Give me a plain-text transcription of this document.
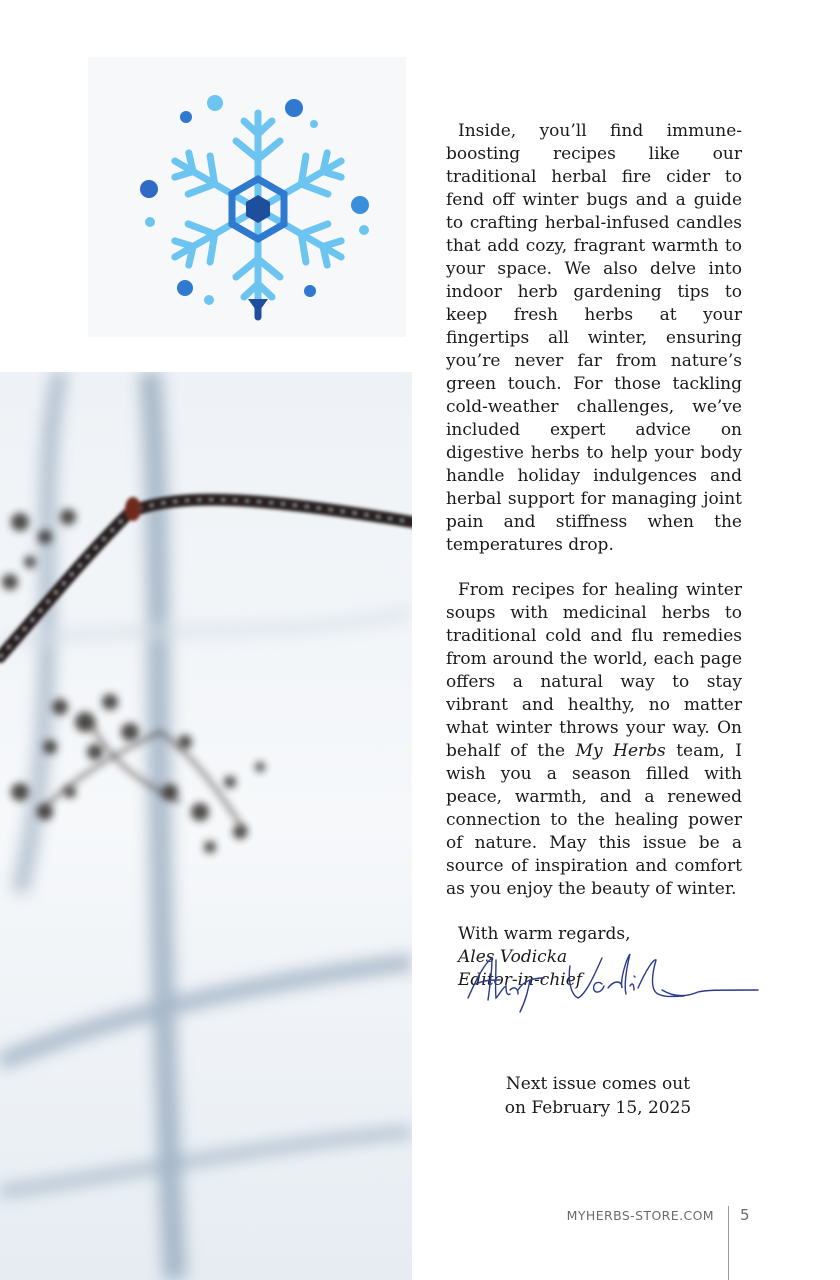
Inside, you’ll find immune-boosting recipes like our traditional herbal fire cider to fend off winter bugs and a guide to crafting herbal-infused candles that add cozy, fragrant warmth to your space. We also delve into indoor herb gardening tips to keep fresh herbs at your fingertips all winter, ensuring you’re never far from nature’s green touch. For those tackling cold-weather challenges, we’ve included expert advice on digestive herbs to help your body handle holiday indulgences and herbal support for managing joint pain and stiffness when the temperatures drop.

From recipes for healing winter soups with medicinal herbs to traditional cold and flu remedies from around the world, each page offers a natural way to stay vibrant and healthy, no matter what winter throws your way. On behalf of the My Herbs team, I wish you a season filled with peace, warmth, and a renewed connection to the healing power of nature. May this issue be a source of inspiration and comfort as you enjoy the beauty of winter.

With warm regards,
Ales Vodicka
Editor-in-chief
Next issue comes out
on February 15, 2025
MYHERBS-STORE.COM 5
